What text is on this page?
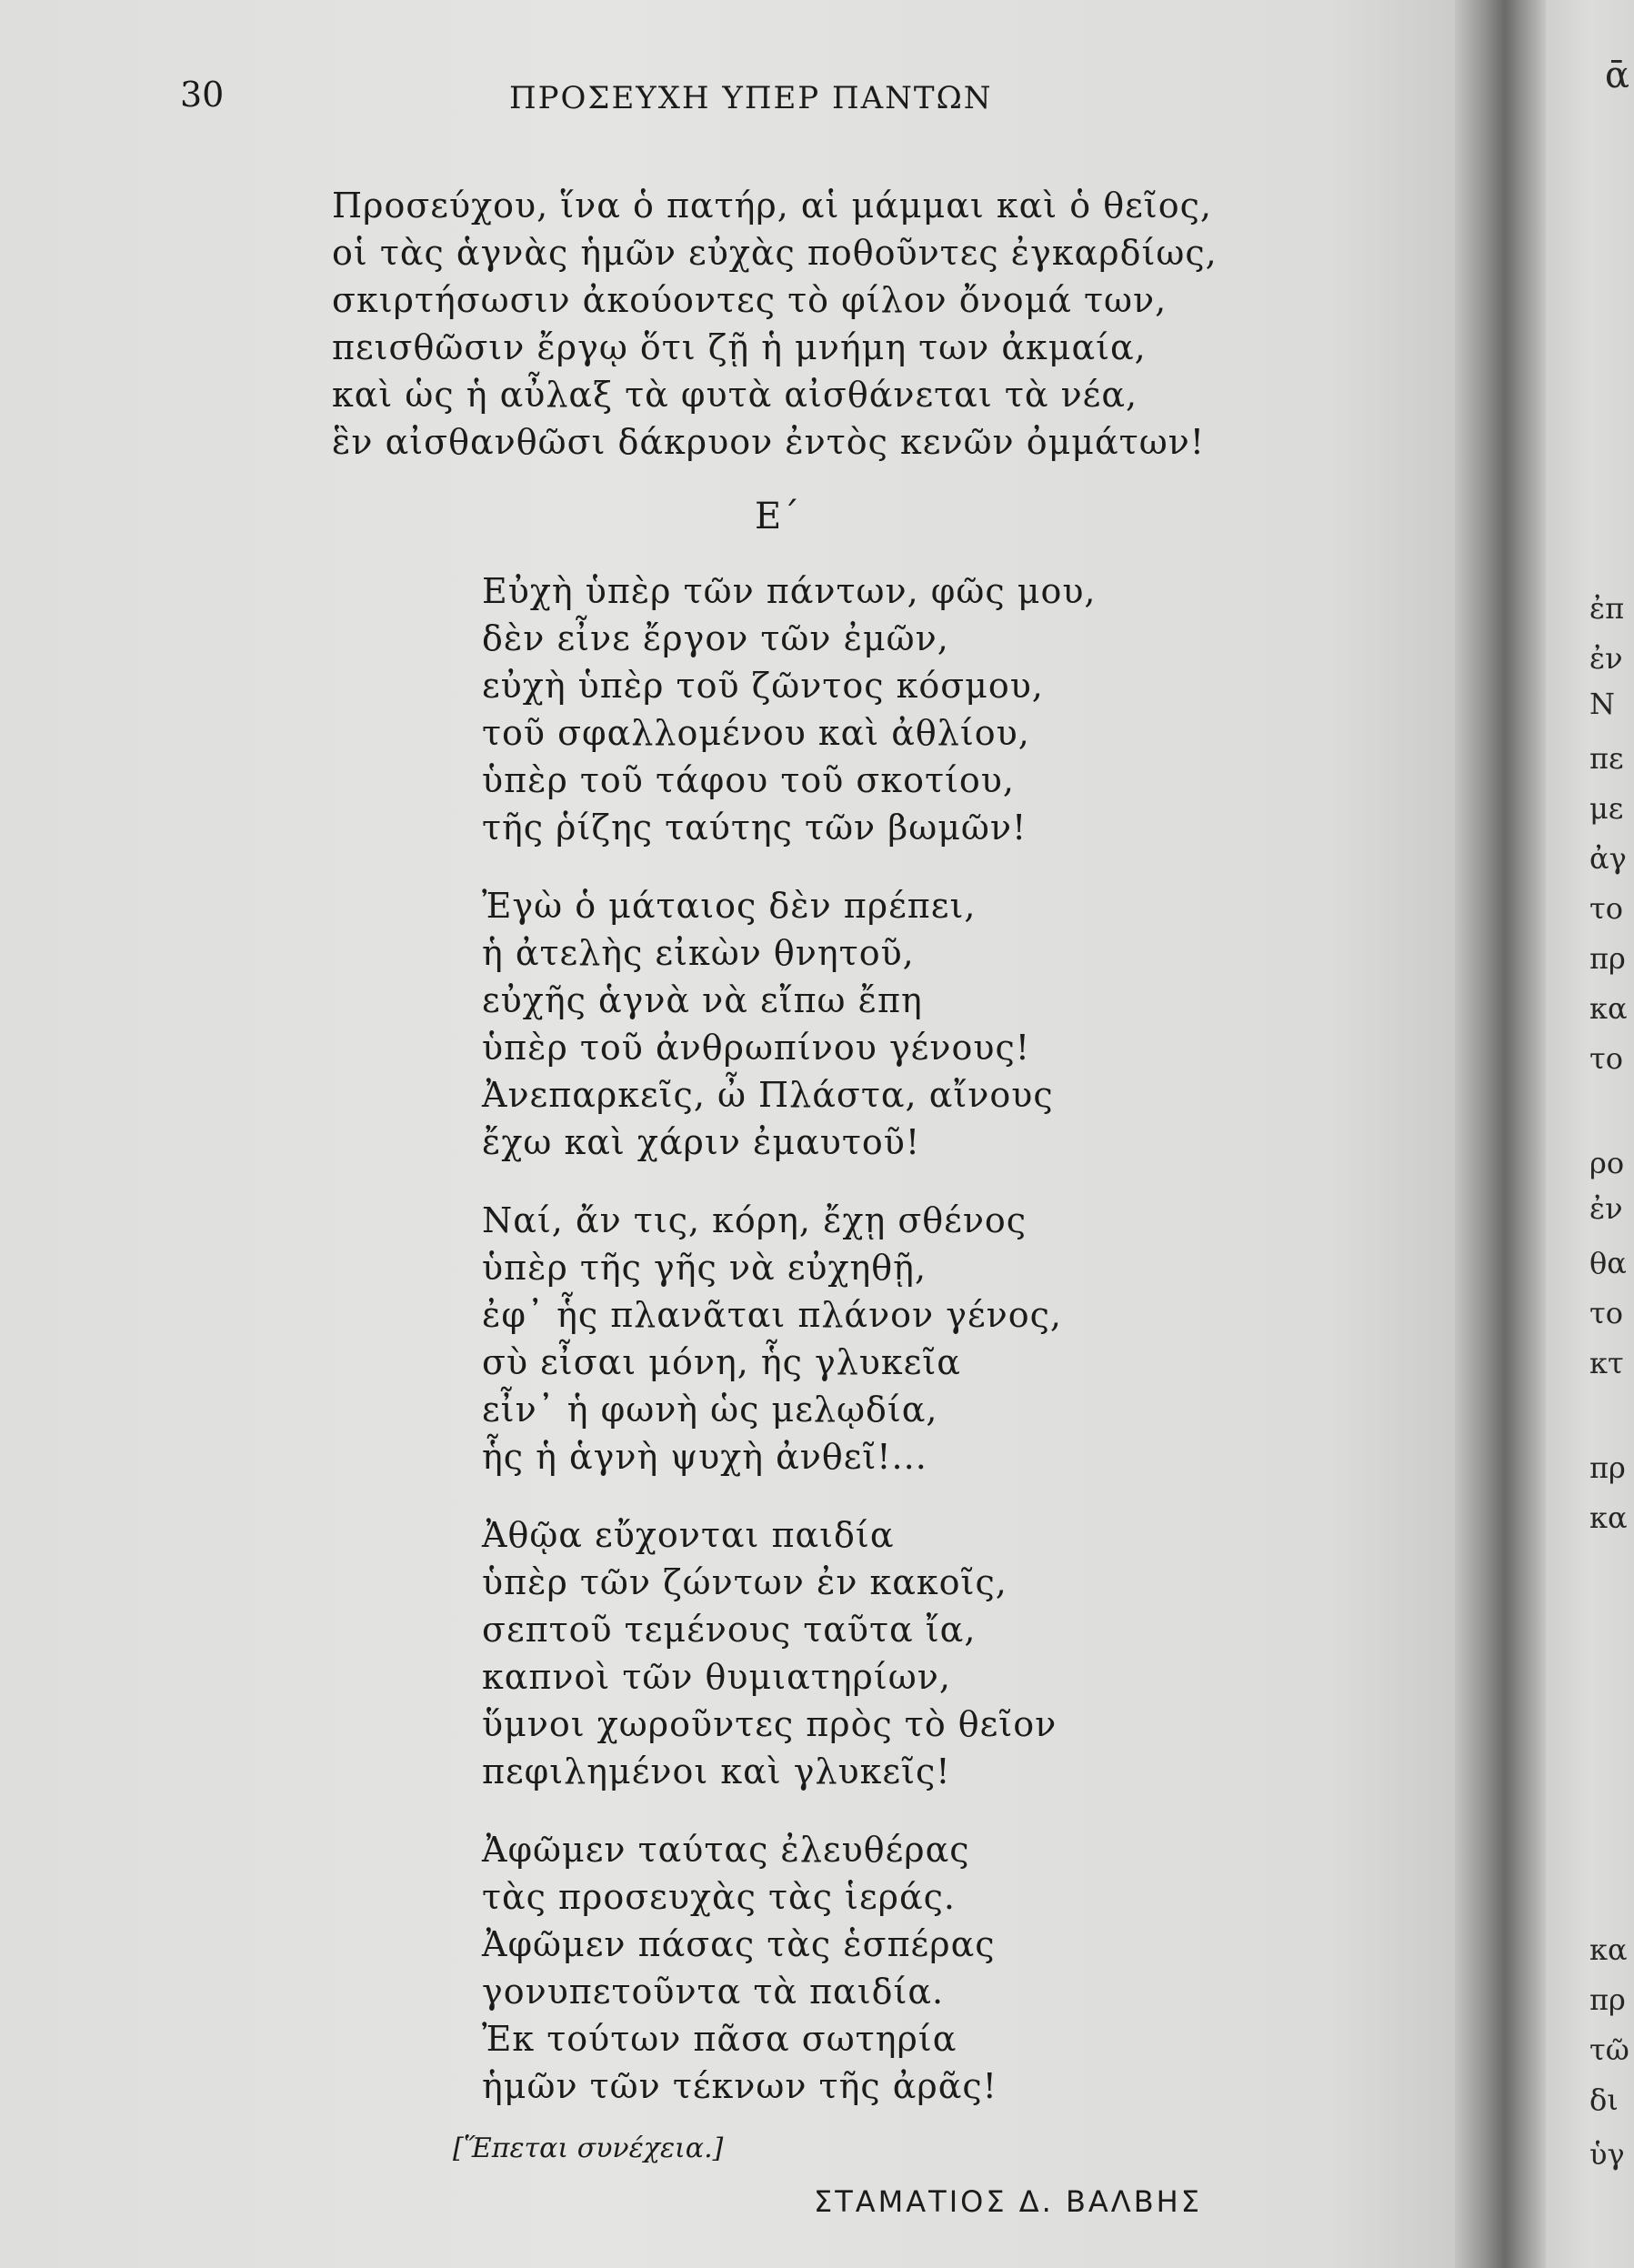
30	ΠΡΟΣΕΥΧΗ ΥΠΕΡ ΠΑΝΤΩΝ
Προσεύχου, ἵνα ὁ πατήρ, αἱ μάμμαι καὶ ὁ θεῖος,
οἱ τὰς ἁγνὰς ἡμῶν εὐχὰς ποθοῦντες ἐγκαρδίως,
σκιρτήσωσιν ἀκούοντες τὸ φίλον ὄνομά των,
πεισθῶσιν ἔργῳ ὅτι ζῇ ἡ μνήμη των ἀκμαία,
καὶ ὡς ἡ αὖλαξ τὰ φυτὰ αἰσθάνεται τὰ νέα,
ἓν αἰσθανθῶσι δάκρυον ἐντὸς κενῶν ὀμμάτων!
Ε΄
Εὐχὴ ὑπὲρ τῶν πάντων, φῶς μου,
δὲν εἶνε ἔργον τῶν ἐμῶν,
εὐχὴ ὑπὲρ τοῦ ζῶντος κόσμου,
τοῦ σφαλλομένου καὶ ἀθλίου,
ὑπὲρ τοῦ τάφου τοῦ σκοτίου,
τῆς ῥίζης ταύτης τῶν βωμῶν!
Ἐγὼ ὁ μάταιος δὲν πρέπει,
ἡ ἀτελὴς εἰκὼν θνητοῦ,
εὐχῆς ἁγνὰ νὰ εἴπω ἔπη
ὑπὲρ τοῦ ἀνθρωπίνου γένους!
Ἀνεπαρκεῖς, ὦ Πλάστα, αἴνους
ἔχω καὶ χάριν ἐμαυτοῦ!
Ναί, ἄν τις, κόρη, ἔχῃ σθένος
ὑπὲρ τῆς γῆς νὰ εὐχηθῇ,
ἐφ᾽ ἧς πλανᾶται πλάνον γένος,
σὺ εἶσαι μόνη, ἧς γλυκεῖα
εἶν᾽ ἡ φωνὴ ὡς μελῳδία,
ἧς ἡ ἁγνὴ ψυχὴ ἀνθεῖ!...
Ἀθῷα εὔχονται παιδία
ὑπὲρ τῶν ζώντων ἐν κακοῖς,
σεπτοῦ τεμένους ταῦτα ἴα,
καπνοὶ τῶν θυμιατηρίων,
ὕμνοι χωροῦντες πρὸς τὸ θεῖον
πεφιλημένοι καὶ γλυκεῖς!
Ἀφῶμεν ταύτας ἐλευθέρας
τὰς προσευχὰς τὰς ἱεράς.
Ἀφῶμεν πάσας τὰς ἑσπέρας
γονυπετοῦντα τὰ παιδία.
Ἐκ τούτων πᾶσα σωτηρία
ἡμῶν τῶν τέκνων τῆς ἀρᾶς!
[Ἕπεται συνέχεια.]
ΣΤΑΜΑΤΙΟΣ Δ. ΒΑΛΒΗΣ
ᾱ
ἐπ
ἐν
Ν
πε
με
ἀγ
το
πρ
κα
το
ρο
ἐν
θα
το
κτ
πρ
κα
κα
πρ
τῶ
δι
ὑγ
